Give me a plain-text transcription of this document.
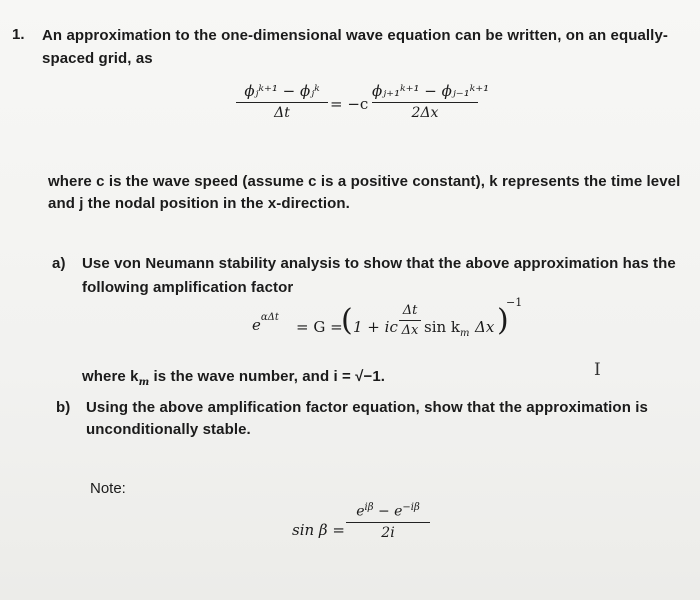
1. An approximation to the one-dimensional wave equation can be written, on an equally-
spaced grid, as
ϕⱼᵏ⁺¹ − ϕⱼᵏ
Δt	= −c
ϕⱼ₊₁ᵏ⁺¹ − ϕⱼ₋₁ᵏ⁺¹
2Δx
where c is the wave speed (assume c is a positive constant), k represents the time level
and j the nodal position in the x-direction.
a) Use von Neumann stability analysis to show that the above approximation has the
following amplification factor
$e^{\alpha\Delta t}$
= G =
( 1 + ic
Δt
Δx $\sin k_m$ Δx )
−1
where $k_m$ is the wave number, and i = √−1.	I
b) Using the above amplification factor equation, show that the approximation is
unconditionally stable.
Note:
sin β =
$e^{i\beta} - e^{-i\beta}$
2i
